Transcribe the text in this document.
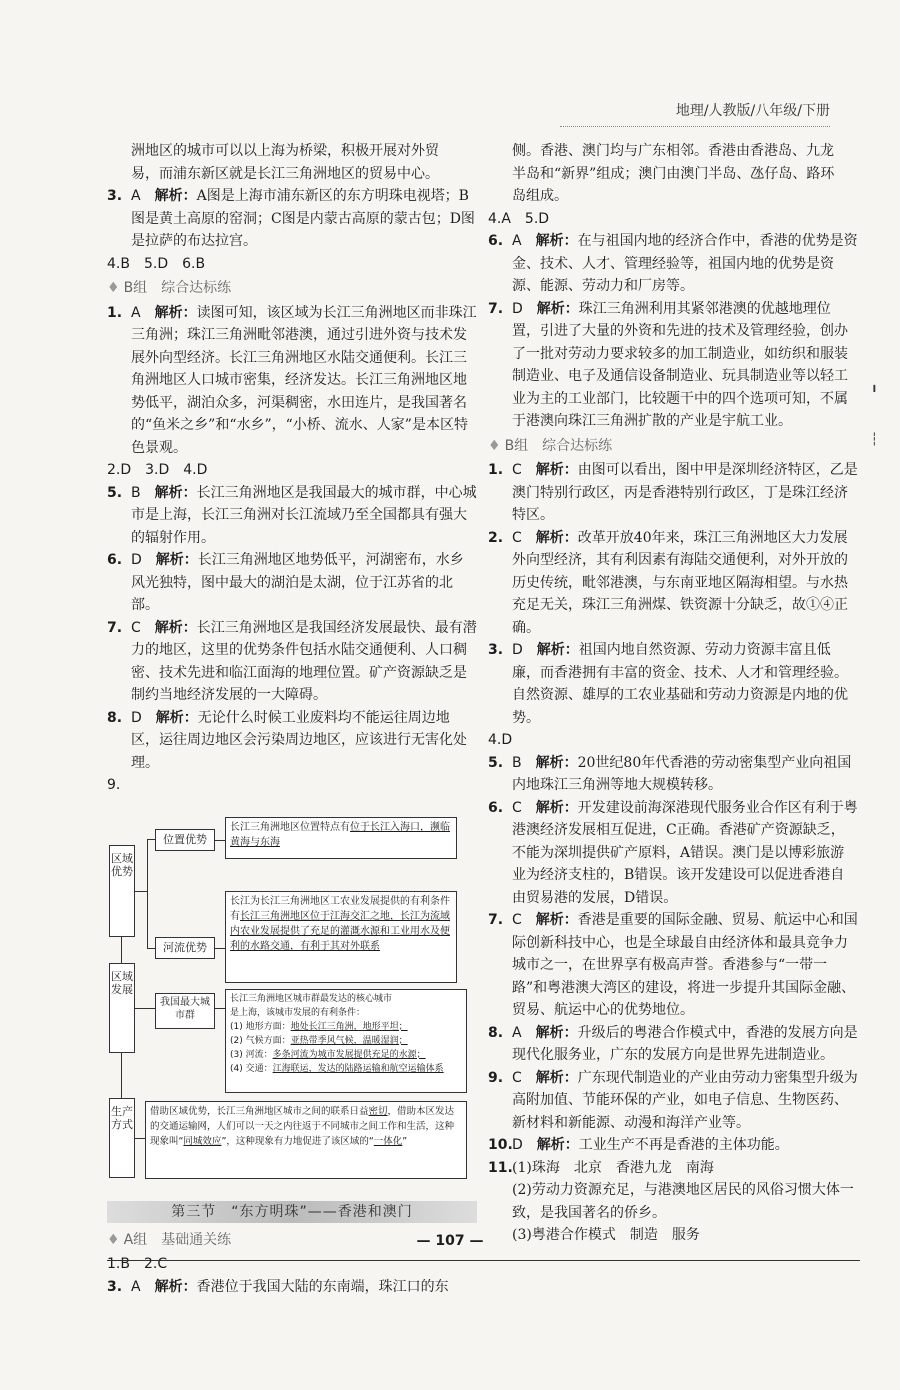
地理/人教版/八年级/下册

洲地区的城市可以以上海为桥梁，积极开展对外贸

易，而浦东新区就是长江三角洲地区的贸易中心。

3. A　 解析：A图是上海市浦东新区的东方明珠电视塔；B图是黄土高原的窑洞；C图是内蒙古高原的蒙古包；D图是拉萨的布达拉宫。

4.B　5.D　6.B

♦ B组　综合达标练

1. A　 解析：读图可知，该区域为长江三角洲地区而非珠江三角洲；珠江三角洲毗邻港澳，通过引进外资与技术发展外向型经济。长江三角洲地区水陆交通便利。长江三角洲地区人口城市密集，经济发达。长江三角洲地区地势低平，湖泊众多，河渠稠密，水田连片，是我国著名的“鱼米之乡”和“水乡”，“小桥、流水、人家”是本区特色景观。

2.D　3.D　4.D

5. B　 解析：长江三角洲地区是我国最大的城市群，中心城市是上海，长江三角洲对长江流域乃至全国都具有强大的辐射作用。

6. D　 解析：长江三角洲地区地势低平，河湖密布，水乡风光独特，图中最大的湖泊是太湖，位于江苏省的北部。

7. C　 解析：长江三角洲地区是我国经济发展最快、最有潜力的地区，这里的优势条件包括水陆交通便利、人口稠密、技术先进和临江面海的地理位置。矿产资源缺乏是制约当地经济发展的一大障碍。

8. D　 解析：无论什么时候工业废料均不能运往周边地区，运往周边地区会污染周边地区，应该进行无害化处理。

9.

区域优势
区域发展
生产方式
位置优势
长江三角洲地区位置特点有位于长江入海口，濒临黄海与东海
河流优势
长江为长江三角洲地区工农业发展提供的有利条件有长江三角洲地区位于江海交汇之地，长江为流域内农业发展提供了充足的灌溉水源和工业用水及便利的水路交通，有利于其对外联系
我国最大城市群
长江三角洲地区城市群最发达的核心城市
是上海，该城市发展的有利条件：
(1) 地形方面：地处长江三角洲，地形平坦；
(2) 气候方面：亚热带季风气候，温暖湿润；
(3) 河流：多条河流为城市发展提供充足的水源；
(4) 交通：江海联运，发达的陆路运输和航空运输体系
借助区域优势，长江三角洲地区城市之间的联系日益密切，借助本区发达的交通运输网，人们可以一天之内往返于不同城市之间工作和生活，这种现象叫“同城效应”，这种现象有力地促进了该区域的“一体化”
第三节　“东方明珠”——香港和澳门

♦ A组　基础通关练

1.B　2.C

3. A　 解析：香港位于我国大陆的东南端，珠江口的东

侧。香港、澳门均与广东相邻。香港由香港岛、九龙

半岛和“新界”组成；澳门由澳门半岛、氹仔岛、路环

岛组成。

4.A　5.D

6. A　 解析：在与祖国内地的经济合作中，香港的优势是资金、技术、人才、管理经验等，祖国内地的优势是资源、能源、劳动力和厂房等。

7. D　 解析：珠江三角洲利用其紧邻港澳的优越地理位置，引进了大量的外资和先进的技术及管理经验，创办了一批对劳动力要求较多的加工制造业，如纺织和服装制造业、电子及通信设备制造业、玩具制造业等以轻工业为主的工业部门，比较题干中的四个选项可知，不属于港澳向珠江三角洲扩散的产业是宇航工业。

♦ B组　综合达标练

1. C　 解析：由图可以看出，图中甲是深圳经济特区，乙是澳门特别行政区，丙是香港特别行政区，丁是珠江经济特区。

2. C　 解析：改革开放40年来，珠江三角洲地区大力发展外向型经济，其有利因素有海陆交通便利，对外开放的历史传统，毗邻港澳，与东南亚地区隔海相望。与水热充足无关，珠江三角洲煤、铁资源十分缺乏，故①④正确。

3. D　 解析：祖国内地自然资源、劳动力资源丰富且低廉，而香港拥有丰富的资金、技术、人才和管理经验。自然资源、雄厚的工农业基础和劳动力资源是内地的优势。

4.D

5. B　 解析：20世纪80年代香港的劳动密集型产业向祖国内地珠江三角洲等地大规模转移。

6. C　 解析：开发建设前海深港现代服务业合作区有利于粤港澳经济发展相互促进，C正确。香港矿产资源缺乏，不能为深圳提供矿产原料，A错误。澳门是以博彩旅游业为经济支柱的，B错误。该开发建设可以促进香港自由贸易港的发展，D错误。

7. C　 解析：香港是重要的国际金融、贸易、航运中心和国际创新科技中心，也是全球最自由经济体和最具竞争力城市之一，在世界享有极高声誉。香港参与“一带一路”和粤港澳大湾区的建设，将进一步提升其国际金融、贸易、航运中心的优势地位。

8. A　 解析：升级后的粤港合作模式中，香港的发展方向是现代化服务业，广东的发展方向是世界先进制造业。

9. C　 解析：广东现代制造业的产业由劳动力密集型升级为高附加值、节能环保的产业，如电子信息、生物医药、新材料和新能源、动漫和海洋产业等。

10. D　 解析：工业生产不再是香港的主体功能。

11. (1)珠海　北京　香港九龙　南海

(2)劳动力资源充足，与港澳地区居民的风俗习惯大体一致，是我国著名的侨乡。

(3)粤港合作模式　制造　服务

╹
┆
— 107 —
